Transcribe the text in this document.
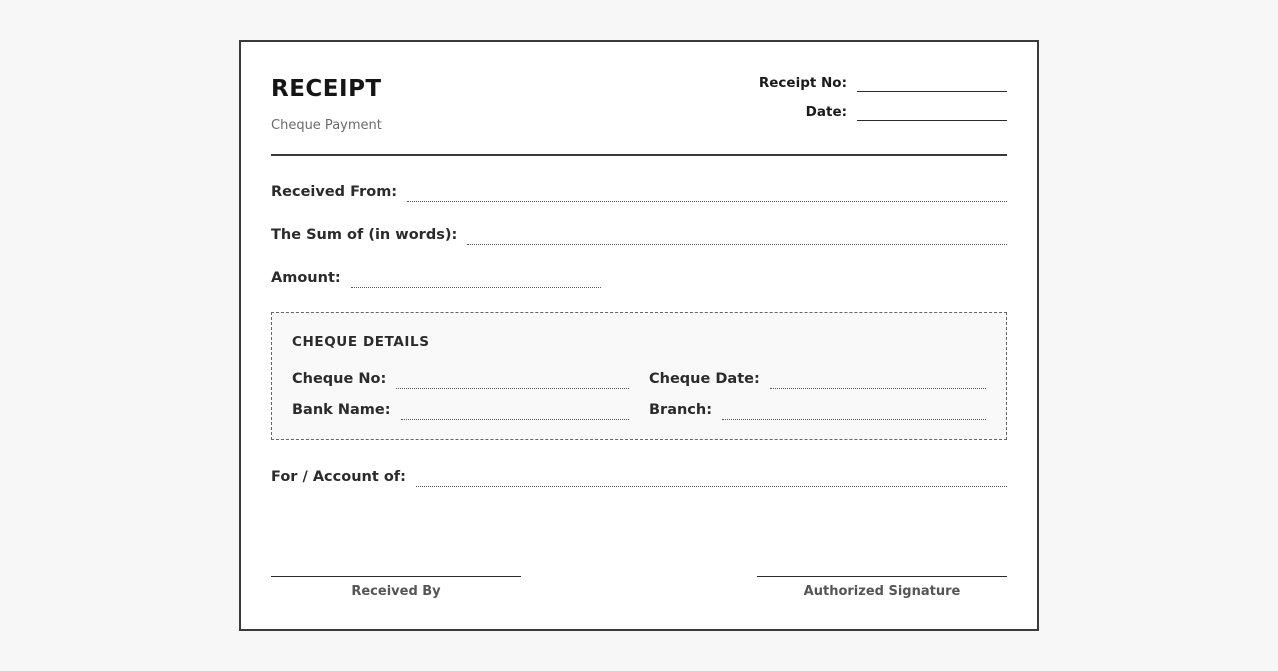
RECEIPT
Cheque Payment
Receipt No:
Date:
Received From:
The Sum of (in words):
Amount:
CHEQUE DETAILS
Cheque No:	Cheque Date:
Bank Name:	Branch:
For / Account of:
Received By	Authorized Signature
